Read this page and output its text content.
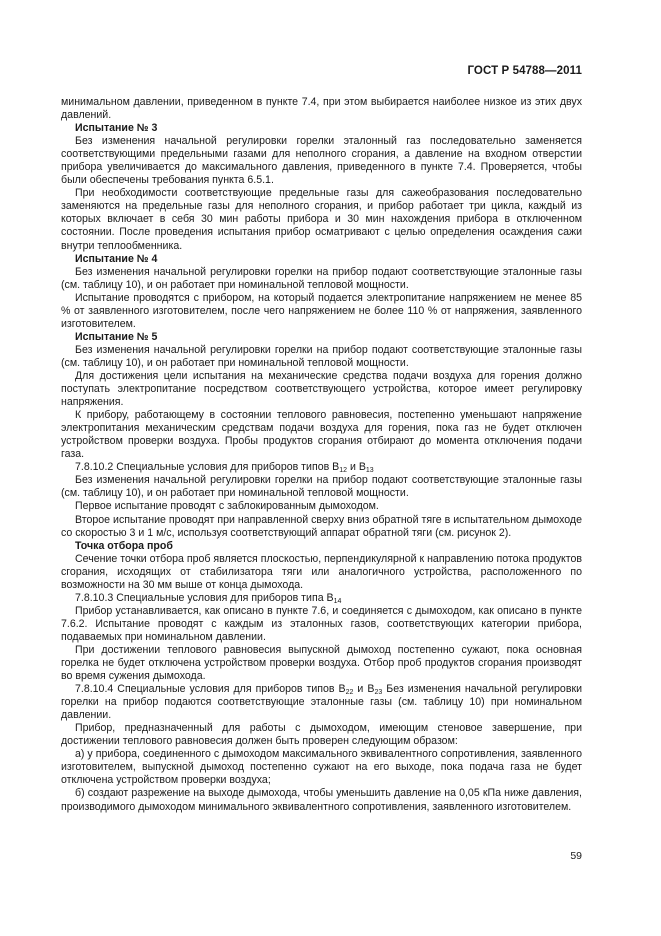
ГОСТ Р 54788—2011

минимальном давлении, приведенном в пункте 7.4, при этом выбирается наиболее низкое из этих двух давлений.

Испытание № 3

Без изменения начальной регулировки горелки эталонный газ последовательно заменяется соответствующими предельными газами для неполного сгорания, а давление на входном отверстии прибора увеличивается до максимального давления, приведенного в пункте 7.4. Проверяется, чтобы были обеспечены требования пункта 6.5.1.

При необходимости соответствующие предельные газы для сажеобразования последовательно заменяются на предельные газы для неполного сгорания, и прибор работает три цикла, каждый из которых включает в себя 30 мин работы прибора и 30 мин нахождения прибора в отключенном состоянии. После проведения испытания прибор осматривают с целью определения осаждения сажи внутри теплообменника.

Испытание № 4

Без изменения начальной регулировки горелки на прибор подают соответствующие эталонные газы (см. таблицу 10), и он работает при номинальной тепловой мощности.

Испытание проводятся с прибором, на который подается электропитание напряжением не менее 85 % от заявленного изготовителем, после чего напряжением не более 110 % от напряжения, заявленного изготовителем.

Испытание № 5

Без изменения начальной регулировки горелки на прибор подают соответствующие эталонные газы (см. таблицу 10), и он работает при номинальной тепловой мощности.

Для достижения цели испытания на механические средства подачи воздуха для горения должно поступать электропитание посредством соответствующего устройства, которое имеет регулировку напряжения.

К прибору, работающему в состоянии теплового равновесия, постепенно уменьшают напряжение электропитания механическим средствам подачи воздуха для горения, пока газ не будет отключен устройством проверки воздуха. Пробы продуктов сгорания отбирают до момента отключения подачи газа.

7.8.10.2 Специальные условия для приборов типов $В_{12}$ и $В_{13}$

Без изменения начальной регулировки горелки на прибор подают соответствующие эталонные газы (см. таблицу 10), и он работает при номинальной тепловой мощности.

Первое испытание проводят с заблокированным дымоходом.

Второе испытание проводят при направленной сверху вниз обратной тяге в испытательном дымоходе со скоростью 3 и 1 м/с, используя соответствующий аппарат обратной тяги (см. рисунок 2).

Точка отбора проб

Сечение точки отбора проб является плоскостью, перпендикулярной к направлению потока продуктов сгорания, исходящих от стабилизатора тяги или аналогичного устройства, расположенного по возможности на 30 мм выше от конца дымохода.

7.8.10.3 Специальные условия для приборов типа $В_{14}$

Прибор устанавливается, как описано в пункте 7.6, и соединяется с дымоходом, как описано в пункте 7.6.2. Испытание проводят с каждым из эталонных газов, соответствующих категории прибора, подаваемых при номинальном давлении.

При достижении теплового равновесия выпускной дымоход постепенно сужают, пока основная горелка не будет отключена устройством проверки воздуха. Отбор проб продуктов сгорания производят во время сужения дымохода.

7.8.10.4 Специальные условия для приборов типов $В_{22}$ и $В_{23}$ Без изменения начальной регулировки горелки на прибор подаются соответствующие эталонные газы (см. таблицу 10) при номинальном давлении.

Прибор, предназначенный для работы с дымоходом, имеющим стеновое завершение, при достижении теплового равновесия должен быть проверен следующим образом:

а) у прибора, соединенного с дымоходом максимального эквивалентного сопротивления, заявленного изготовителем, выпускной дымоход постепенно сужают на его выходе, пока подача газа не будет отключена устройством проверки воздуха;

б) создают разрежение на выходе дымохода, чтобы уменьшить давление на 0,05 кПа ниже давления, производимого дымоходом минимального эквивалентного сопротивления, заявленного изготовителем.

59
